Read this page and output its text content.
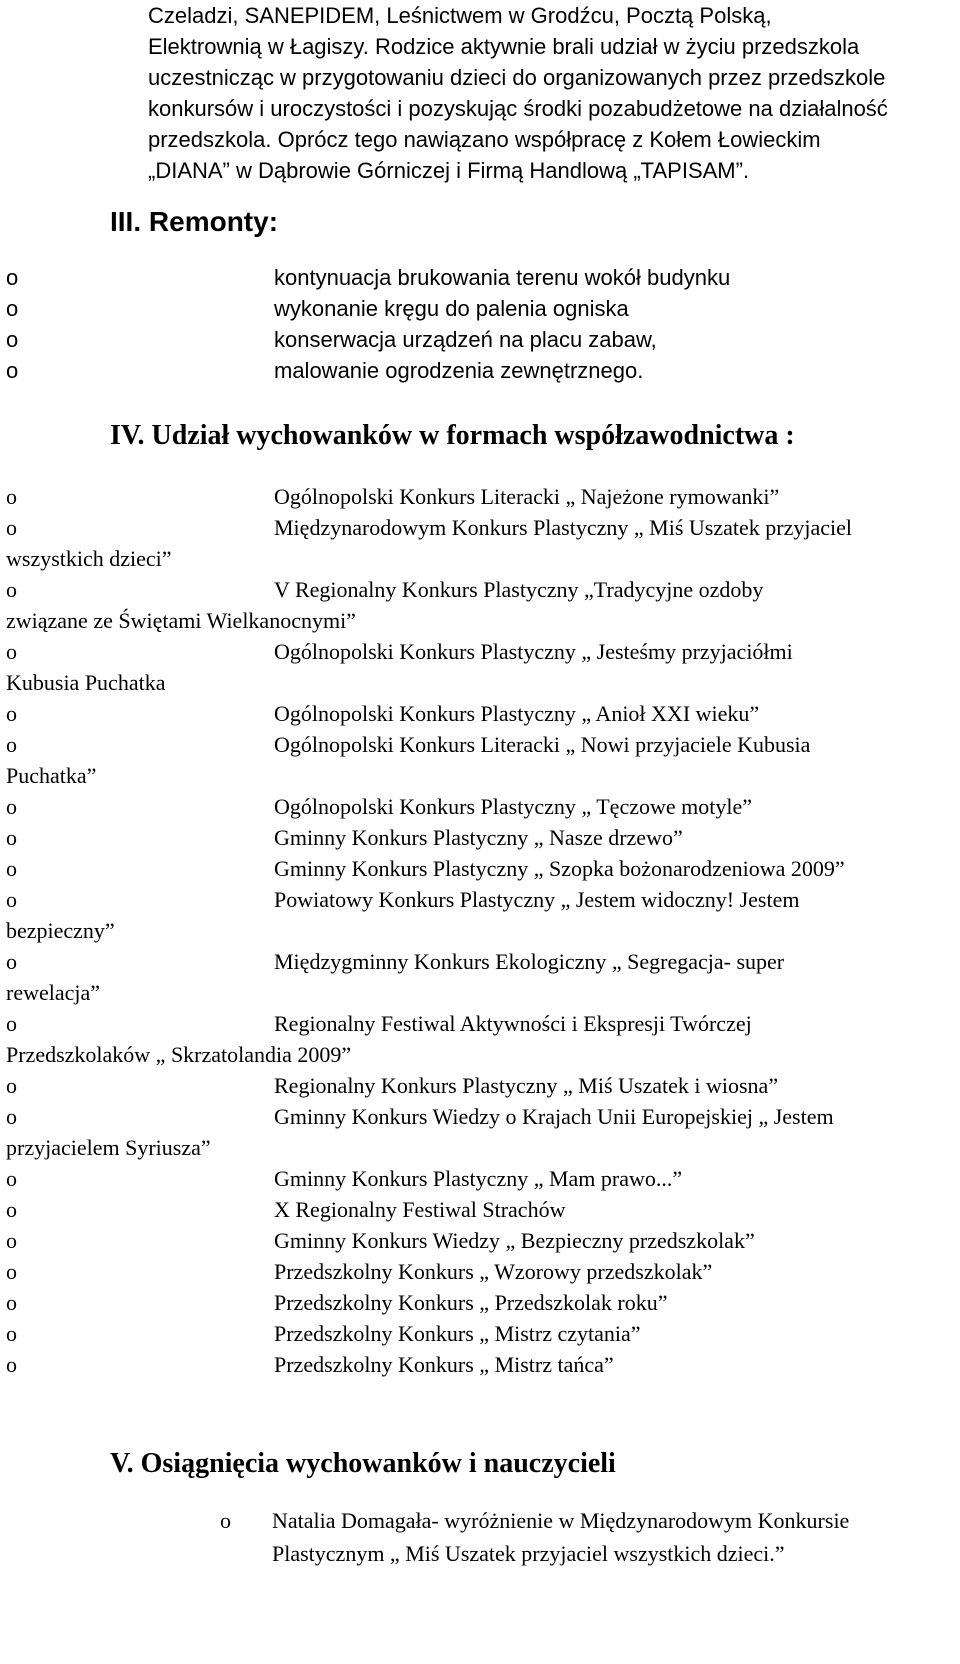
Czeladzi, SANEPIDEM, Leśnictwem w Grodźcu, Pocztą Polską,
Elektrownią w Łagiszy. Rodzice aktywnie brali udział w życiu przedszkola
uczestnicząc w przygotowaniu dzieci do organizowanych przez przedszkole
konkursów i uroczystości i pozyskując środki pozabudżetowe na działalność
przedszkola. Oprócz tego nawiązano współpracę z Kołem Łowieckim
„DIANA” w Dąbrowie Górniczej i Firmą Handlową „TAPISAM”.
III. Remonty:
o	kontynuacja brukowania terenu wokół budynku
o	wykonanie kręgu do palenia ogniska
o	konserwacja urządzeń na placu zabaw,
o	malowanie ogrodzenia zewnętrznego.
IV. Udział wychowanków w formach współzawodnictwa :
o	Ogólnopolski Konkurs Literacki „ Najeżone rymowanki”
o	Międzynarodowym Konkurs Plastyczny „ Miś Uszatek przyjaciel
wszystkich dzieci”
o	V Regionalny Konkurs Plastyczny „Tradycyjne ozdoby
związane ze Świętami Wielkanocnymi”
o	Ogólnopolski Konkurs Plastyczny „ Jesteśmy przyjaciółmi
Kubusia Puchatka
o	Ogólnopolski Konkurs Plastyczny „ Anioł XXI wieku”
o	Ogólnopolski Konkurs Literacki „ Nowi przyjaciele Kubusia
Puchatka”
o	Ogólnopolski Konkurs Plastyczny „ Tęczowe motyle”
o	Gminny Konkurs Plastyczny „ Nasze drzewo”
o	Gminny Konkurs Plastyczny „ Szopka bożonarodzeniowa 2009”
o	Powiatowy Konkurs Plastyczny „ Jestem widoczny! Jestem
bezpieczny”
o	Międzygminny Konkurs Ekologiczny „ Segregacja- super
rewelacja”
o	Regionalny Festiwal Aktywności i Ekspresji Twórczej
Przedszkolaków „ Skrzatolandia 2009”
o	Regionalny Konkurs Plastyczny „ Miś Uszatek i wiosna”
o	Gminny Konkurs Wiedzy o Krajach Unii Europejskiej „ Jestem
przyjacielem Syriusza”
o	Gminny Konkurs Plastyczny „ Mam prawo...”
o	X Regionalny Festiwal Strachów
o	Gminny Konkurs Wiedzy „ Bezpieczny przedszkolak”
o	Przedszkolny Konkurs „ Wzorowy przedszkolak”
o	Przedszkolny Konkurs „ Przedszkolak roku”
o	Przedszkolny Konkurs „ Mistrz czytania”
o	Przedszkolny Konkurs „ Mistrz tańca”
V. Osiągnięcia wychowanków i nauczycieli
o	Natalia Domagała- wyróżnienie w Międzynarodowym Konkursie
Plastycznym „ Miś Uszatek przyjaciel wszystkich dzieci.”
